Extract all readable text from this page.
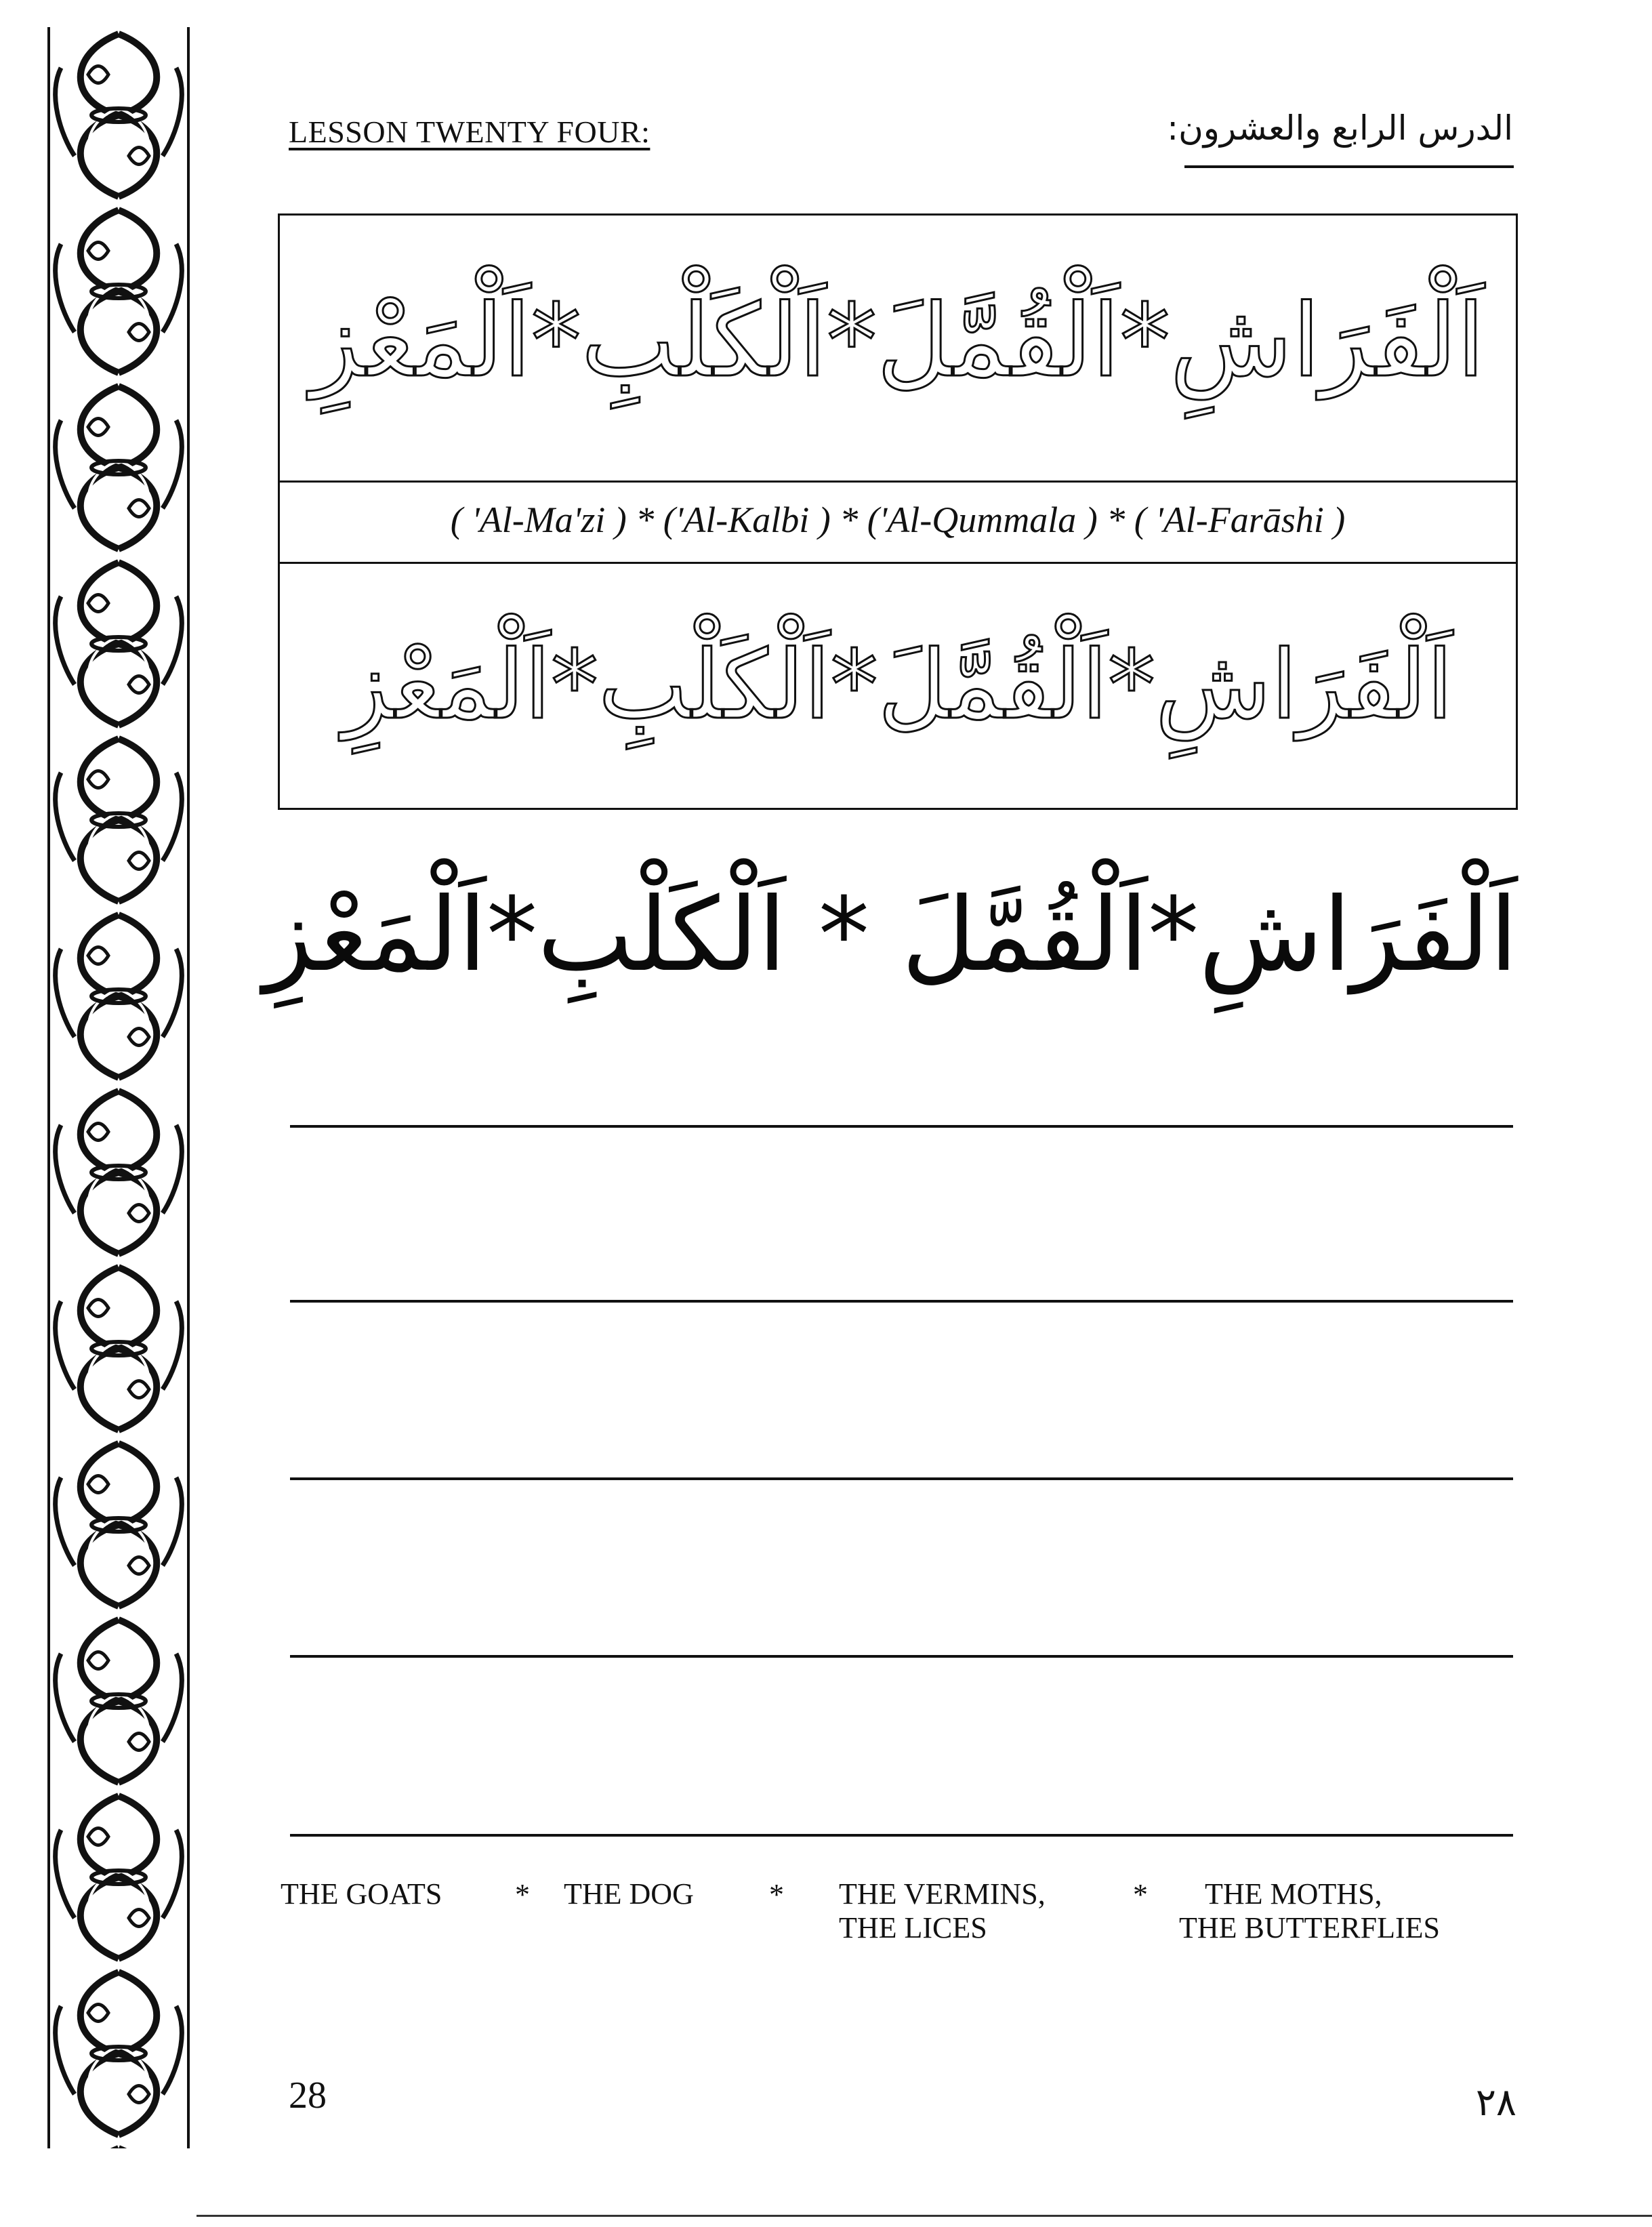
LESSON TWENTY FOUR:	الدرس الرابع والعشرون:
اَلْفَرَاشِ*اَلْقُمَّلَ*اَلْكَلْبِ*اَلْمَعْزِ
( 'Al-Ma'zi ) * ('Al-Kalbi ) * ('Al-Qummala ) * ( 'Al-Farāshi )
اَلْفَرَاشِ*اَلْقُمَّلَ*اَلْكَلْبِ*اَلْمَعْزِ
اَلْفَرَاشِ*اَلْقُمَّلَ * اَلْكَلْبِ*اَلْمَعْزِ
THE GOATS * THE DOG	* THE VERMINS,
THE LICES
*	THE MOTHS,
THE BUTTERFLIES
28	٢٨
